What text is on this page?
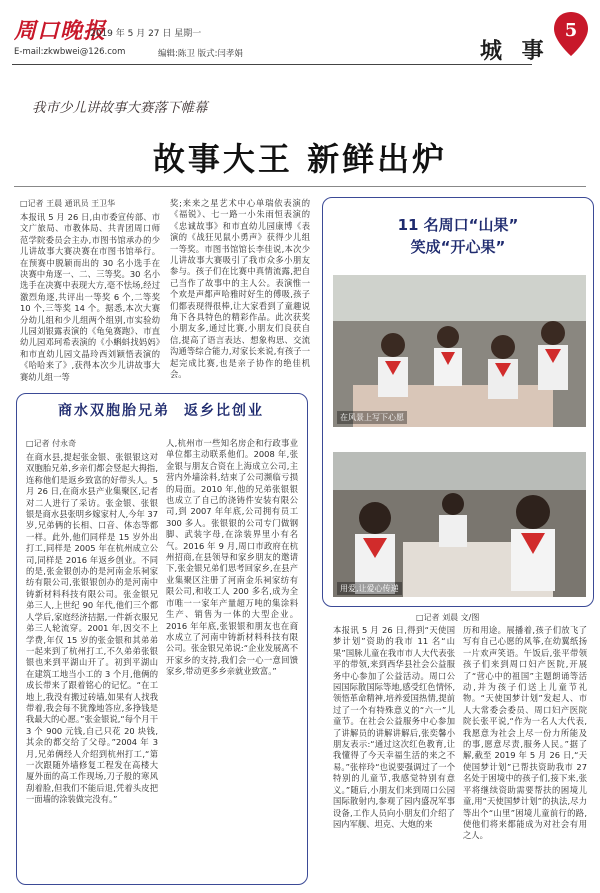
周口晚报
2019 年 5 月 27 日 星期一
E-mail:zkwbwei@126.com	编辑:陈卫 版式:闫孝娟	城 事
5
我市少儿讲故事大赛落下帷幕
故事大王 新鲜出炉
□记者 王晨 通讯员 王卫华
本报讯 5 月 26 日,由市委宣传部、市文广旅局、市教体局、共青团周口师范学院委员会主办,市图书馆承办的少儿讲故事大赛决赛在市图书馆举行。在预赛中脱颖而出的 30 名小选手在决赛中角逐一、二、三等奖。30 名小选手在决赛中表现大方,毫不怯场,经过激烈角逐,共评出一等奖 6 个,二等奖 10 个,三等奖 14 个。据悉,本次大赛分幼儿组和少儿组两个组别,市实验幼儿园刘银露表演的《龟兔赛跑》、市直幼儿园邓珂希表演的《小蝌蚪找妈妈》和市直幼儿园文晶玲西刘颖悟表演的《哈哈来了》,获得本次少儿讲故事大赛幼儿组一等
奖;来来之星艺术中心单瑞依表演的《福锐》、七一路一小朱雨恒表演的《忠诚故事》和市直幼儿园康博《表演的《战狂见鼠小勇声》获得少儿组一等奖。市图书馆馆长李佳说,本次少儿讲故事大赛吸引了我市众多小朋友参与。孩子们在比赛中真情流露,把自己当作了故事中的主人公。表演惟一个欢是声都声哈雅时好生的傅吸,孩子们都表现得很棒,让大家看到了童趣说角下各具特色的精彩作品。此次获奖小朋友多,通过比赛,小朋友们良获自信,提高了语言表达、想象构思、交流沟通等综合能力,对家长来说,有孩子一起完成比赛,也是亲子协作的绝佳机会。
11 名周口“山果”
笑成“开心果”
在风景上写下心愿
用爱,让爱心传递
□记者 刘晨 文/图
本报讯 5 月 26 日,得到“天使国梦计划”资助的我市 11 名“山果”国脉儿童在我市市人大代表张平的带领,来到西华县社会公益服务中心参加了公益活动。周口公园国际散国际等地,感受红色情怀,领悟革命精神,培养爱国热情,提前过了一个有特殊意义的“六一”儿童节。在社会公益服务中心参加了讲解员的讲解讲解后,张奕馨小朋友表示:“通过这次红色教育,让我懂得了今天幸福生活的来之不易。”张梓玲“也说要强调过了一个特别的儿童节,我感觉特别有意义。”随后,小朋友们来到周口公园国际散射内,参观了园内盛况军事设备,工作人员向小朋友们介绍了园内军舰、坦克、大炮的来
历和用途。展播着,孩子们放飞了写有自己心愿的风筝,在幼翼纸扬一片欢声笑语。午饭后,张平带领孩子们来到周口妇产医院,开展了“营心中的祖国”主题朗诵等活动,并为孩子们送上儿童节礼物。“天使国梦计划”发起人、市人大常委会委员、周口妇产医院院长张平说,“作为一名人大代表,我愿意为社会上尽一份力所能及的事,愿意尽责,服务人民。”据了解,截至 2019 年 5 月 26 日,“天使国梦计划”已帮扶资助我市 27 名处于困境中的孩子们,接下来,张平将继续资助需要帮扶的困境儿童,用“天使国梦计划”的执法,尽力等出个“山里”困境儿童前行的路,使他们将来都能成为对社会有用之人。
商水双胞胎兄弟 返乡比创业
□记者 付永奇
在商水县,提起张金银、张银银这对双胞胎兄弟,乡亲们都会竖起大拇指,连称他们是返乡致富的好带头人。5 月 26 日,在商水县产业集聚区,记者对二人进行了采访。张金银、张银银是商水县张明乡嫁家村人,今年 37 岁,兄弟俩的长相、口音、体态等都一样。此外,他们同样是 15 岁外出打工,同样是 2005 年在杭州成立公司,同样是 2016 年返乡创业。不同的是,张金银创办的是河南金乐祠家纺有限公司,张银银创办的是河南中铸新材料科技有限公司。张金银兄弟三人,上世纪 90 年代,他们三个都人学后,家庭经济拮据,一件新衣服兄弟三人轮流穿。2001 年,因交不上学费,年仅 15 岁的张金银和其弟弟一起来到了杭州打工,不久弟弟张银银也来到平湖山开了。初到平湖山在建筑工地当小工的 3 个月,他俩的成长带来了跟着铭心的记忆。“在工地上,我没有搬过砖墙,如果有人找我带着,我会每不犹豫地答应,多挣钱是我最大的心愿。”张金银说,“每个月干 3 个 900 元钱,自己只花 20 块钱,其余的都交给了父母。”2004 年 3 月,兄弟俩经人介绍到杭州打工,“第一次跟随外墙修复工程发在高楼大厦外面的高工作现场,刀子般的寒风刮着脸,但我们不能后退,凭着头皮把一面墙的涂装做完没有。”
人,杭州市一些知名房企和行政事业单位都主动联系他们。2008 年,张金银与朋友合资在上海成立公司,主营内外墙涂料,结束了公司濒临亏损的局面。2010 年,他的兄弟张银银也成立了自己的浇铸件安装有限公司,到 2007 年年底,公司拥有员工 300 多人。张银银的公司专门做钢脚、武装字母,在涂装界里小有名气。2016 年 9 月,周口市政府在杭州招商,在县领导和家乡朋友的邀请下,张金银兄弟们思考回家乡,在县产业集聚区注册了河南金乐祠家纺有限公司,和收工人 200 多名,成为全市唯一一家年产量超万吨的集涂料生产、销售为一体的大型企业。2016 年年底,张银银和朋友也在商水成立了河南中铸新材料科技有限公司。张金银兄弟说:“企业发展离不开家乡的支持,我们会一心一意回馈家乡,带动更多乡亲就业致富。”
